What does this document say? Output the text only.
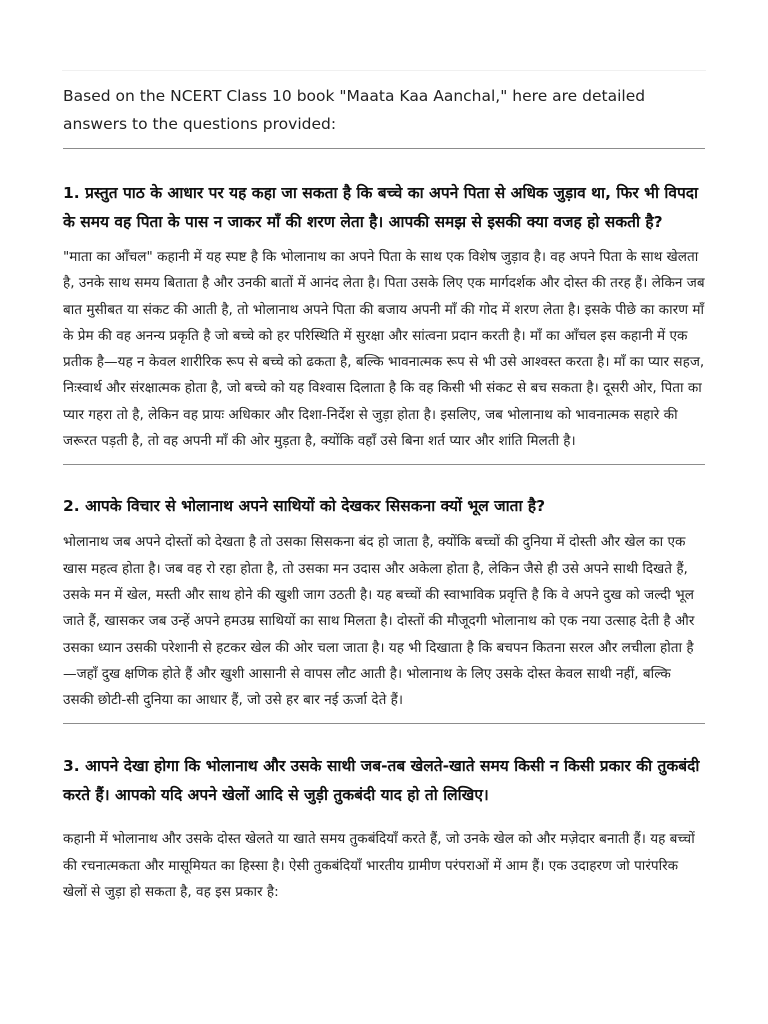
Based on the NCERT Class 10 book "Maata Kaa Aanchal," here are detailed answers to the questions provided:

1. प्रस्तुत पाठ के आधार पर यह कहा जा सकता है कि बच्चे का अपने पिता से अधिक जुड़ाव था, फिर भी विपदा के समय वह पिता के पास न जाकर माँ की शरण लेता है। आपकी समझ से इसकी क्या वजह हो सकती है?

"माता का आँचल" कहानी में यह स्पष्ट है कि भोलानाथ का अपने पिता के साथ एक विशेष जुड़ाव है। वह अपने पिता के साथ खेलता है, उनके साथ समय बिताता है और उनकी बातों में आनंद लेता है। पिता उसके लिए एक मार्गदर्शक और दोस्त की तरह हैं। लेकिन जब बात मुसीबत या संकट की आती है, तो भोलानाथ अपने पिता की बजाय अपनी माँ की गोद में शरण लेता है। इसके पीछे का कारण माँ के प्रेम की वह अनन्य प्रकृति है जो बच्चे को हर परिस्थिति में सुरक्षा और सांत्वना प्रदान करती है। माँ का आँचल इस कहानी में एक प्रतीक है—यह न केवल शारीरिक रूप से बच्चे को ढकता है, बल्कि भावनात्मक रूप से भी उसे आश्वस्त करता है। माँ का प्यार सहज, निःस्वार्थ और संरक्षात्मक होता है, जो बच्चे को यह विश्वास दिलाता है कि वह किसी भी संकट से बच सकता है। दूसरी ओर, पिता का प्यार गहरा तो है, लेकिन वह प्रायः अधिकार और दिशा-निर्देश से जुड़ा होता है। इसलिए, जब भोलानाथ को भावनात्मक सहारे की जरूरत पड़ती है, तो वह अपनी माँ की ओर मुड़ता है, क्योंकि वहाँ उसे बिना शर्त प्यार और शांति मिलती है।

2. आपके विचार से भोलानाथ अपने साथियों को देखकर सिसकना क्यों भूल जाता है?

भोलानाथ जब अपने दोस्तों को देखता है तो उसका सिसकना बंद हो जाता है, क्योंकि बच्चों की दुनिया में दोस्ती और खेल का एक खास महत्व होता है। जब वह रो रहा होता है, तो उसका मन उदास और अकेला होता है, लेकिन जैसे ही उसे अपने साथी दिखते हैं, उसके मन में खेल, मस्ती और साथ होने की खुशी जाग उठती है। यह बच्चों की स्वाभाविक प्रवृत्ति है कि वे अपने दुख को जल्दी भूल जाते हैं, खासकर जब उन्हें अपने हमउम्र साथियों का साथ मिलता है। दोस्तों की मौजूदगी भोलानाथ को एक नया उत्साह देती है और उसका ध्यान उसकी परेशानी से हटकर खेल की ओर चला जाता है। यह भी दिखाता है कि बचपन कितना सरल और लचीला होता है—जहाँ दुख क्षणिक होते हैं और खुशी आसानी से वापस लौट आती है। भोलानाथ के लिए उसके दोस्त केवल साथी नहीं, बल्कि उसकी छोटी-सी दुनिया का आधार हैं, जो उसे हर बार नई ऊर्जा देते हैं।

3. आपने देखा होगा कि भोलानाथ और उसके साथी जब-तब खेलते-खाते समय किसी न किसी प्रकार की तुकबंदी करते हैं। आपको यदि अपने खेलों आदि से जुड़ी तुकबंदी याद हो तो लिखिए।

कहानी में भोलानाथ और उसके दोस्त खेलते या खाते समय तुकबंदियाँ करते हैं, जो उनके खेल को और मज़ेदार बनाती हैं। यह बच्चों की रचनात्मकता और मासूमियत का हिस्सा है। ऐसी तुकबंदियाँ भारतीय ग्रामीण परंपराओं में आम हैं। एक उदाहरण जो पारंपरिक खेलों से जुड़ा हो सकता है, वह इस प्रकार है:
